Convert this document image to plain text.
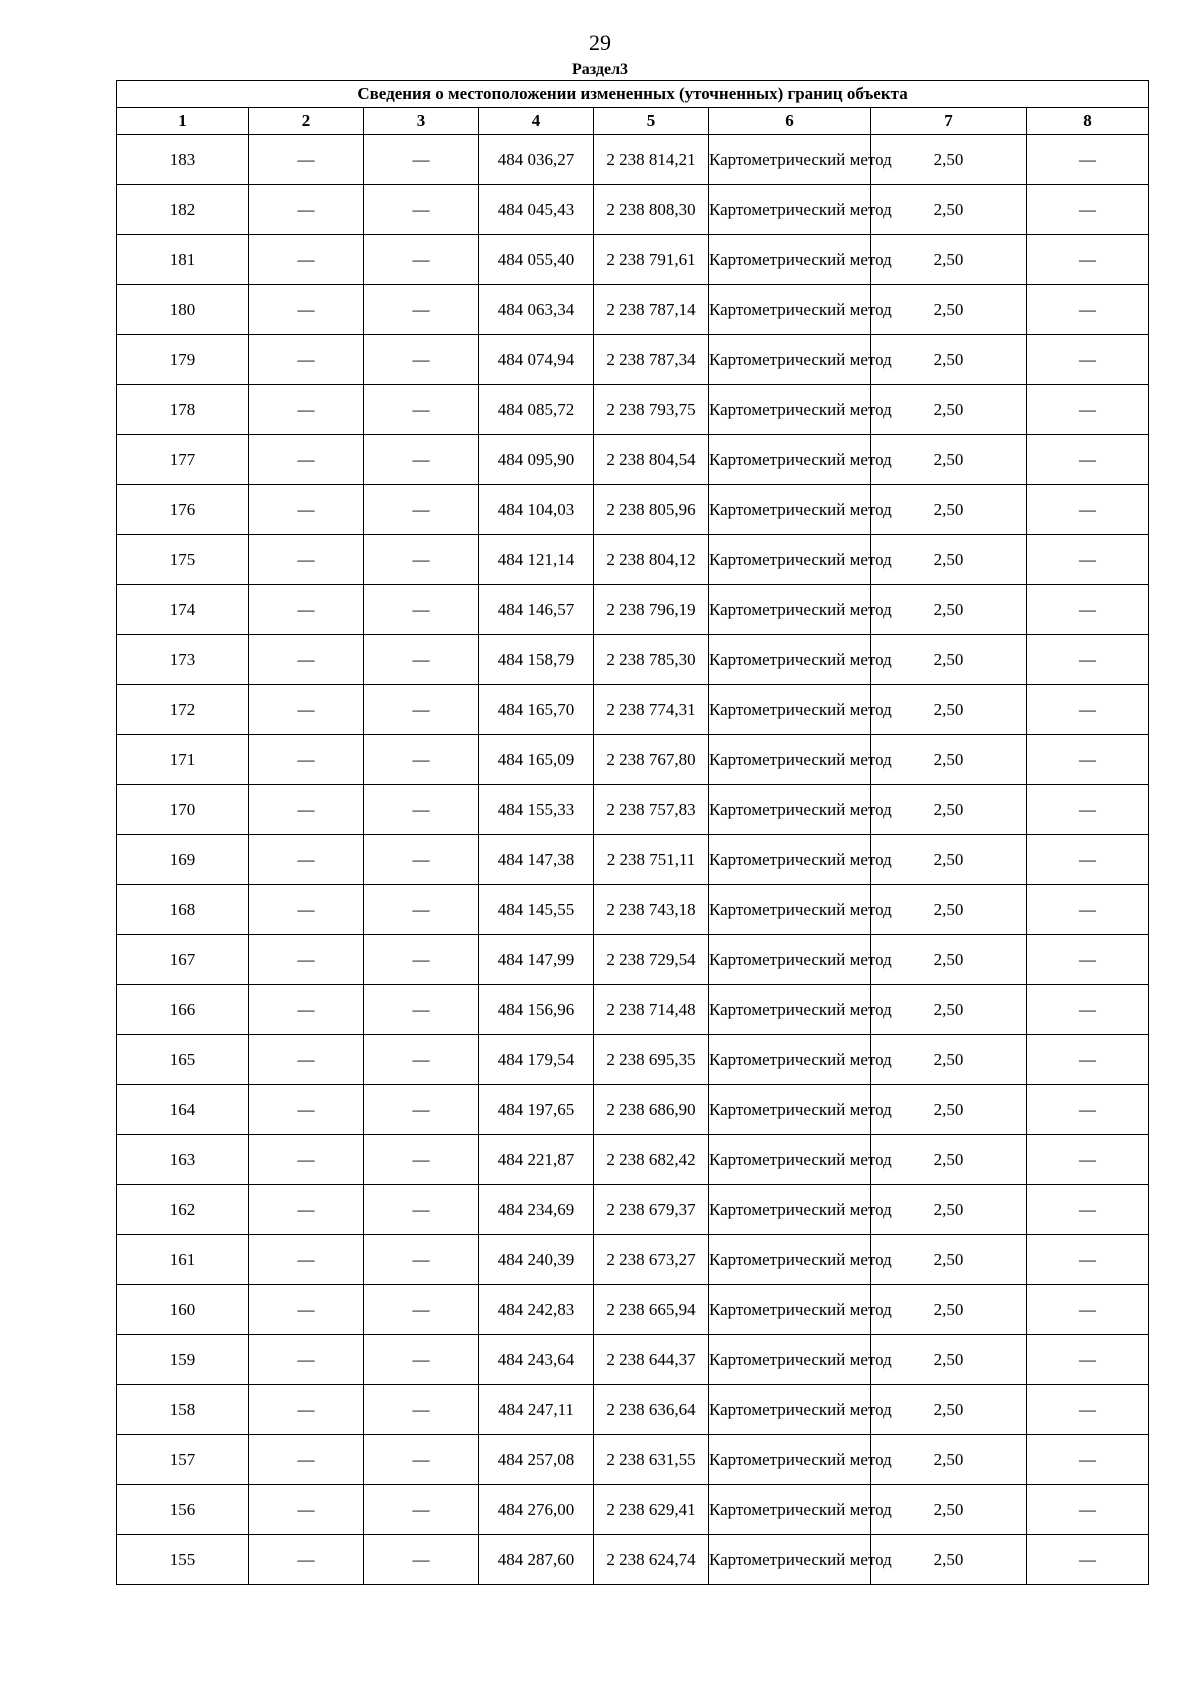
29
Раздел3
Сведения о местоположении измененных (уточненных) границ объекта							
1	2	3	4	5	6	7	8
183	—	—	484 036,27	2 238 814,21	Картометрический метод	2,50	—
182	—	—	484 045,43	2 238 808,30	Картометрический метод	2,50	—
181	—	—	484 055,40	2 238 791,61	Картометрический метод	2,50	—
180	—	—	484 063,34	2 238 787,14	Картометрический метод	2,50	—
179	—	—	484 074,94	2 238 787,34	Картометрический метод	2,50	—
178	—	—	484 085,72	2 238 793,75	Картометрический метод	2,50	—
177	—	—	484 095,90	2 238 804,54	Картометрический метод	2,50	—
176	—	—	484 104,03	2 238 805,96	Картометрический метод	2,50	—
175	—	—	484 121,14	2 238 804,12	Картометрический метод	2,50	—
174	—	—	484 146,57	2 238 796,19	Картометрический метод	2,50	—
173	—	—	484 158,79	2 238 785,30	Картометрический метод	2,50	—
172	—	—	484 165,70	2 238 774,31	Картометрический метод	2,50	—
171	—	—	484 165,09	2 238 767,80	Картометрический метод	2,50	—
170	—	—	484 155,33	2 238 757,83	Картометрический метод	2,50	—
169	—	—	484 147,38	2 238 751,11	Картометрический метод	2,50	—
168	—	—	484 145,55	2 238 743,18	Картометрический метод	2,50	—
167	—	—	484 147,99	2 238 729,54	Картометрический метод	2,50	—
166	—	—	484 156,96	2 238 714,48	Картометрический метод	2,50	—
165	—	—	484 179,54	2 238 695,35	Картометрический метод	2,50	—
164	—	—	484 197,65	2 238 686,90	Картометрический метод	2,50	—
163	—	—	484 221,87	2 238 682,42	Картометрический метод	2,50	—
162	—	—	484 234,69	2 238 679,37	Картометрический метод	2,50	—
161	—	—	484 240,39	2 238 673,27	Картометрический метод	2,50	—
160	—	—	484 242,83	2 238 665,94	Картометрический метод	2,50	—
159	—	—	484 243,64	2 238 644,37	Картометрический метод	2,50	—
158	—	—	484 247,11	2 238 636,64	Картометрический метод	2,50	—
157	—	—	484 257,08	2 238 631,55	Картометрический метод	2,50	—
156	—	—	484 276,00	2 238 629,41	Картометрический метод	2,50	—
155	—	—	484 287,60	2 238 624,74	Картометрический метод	2,50	—
